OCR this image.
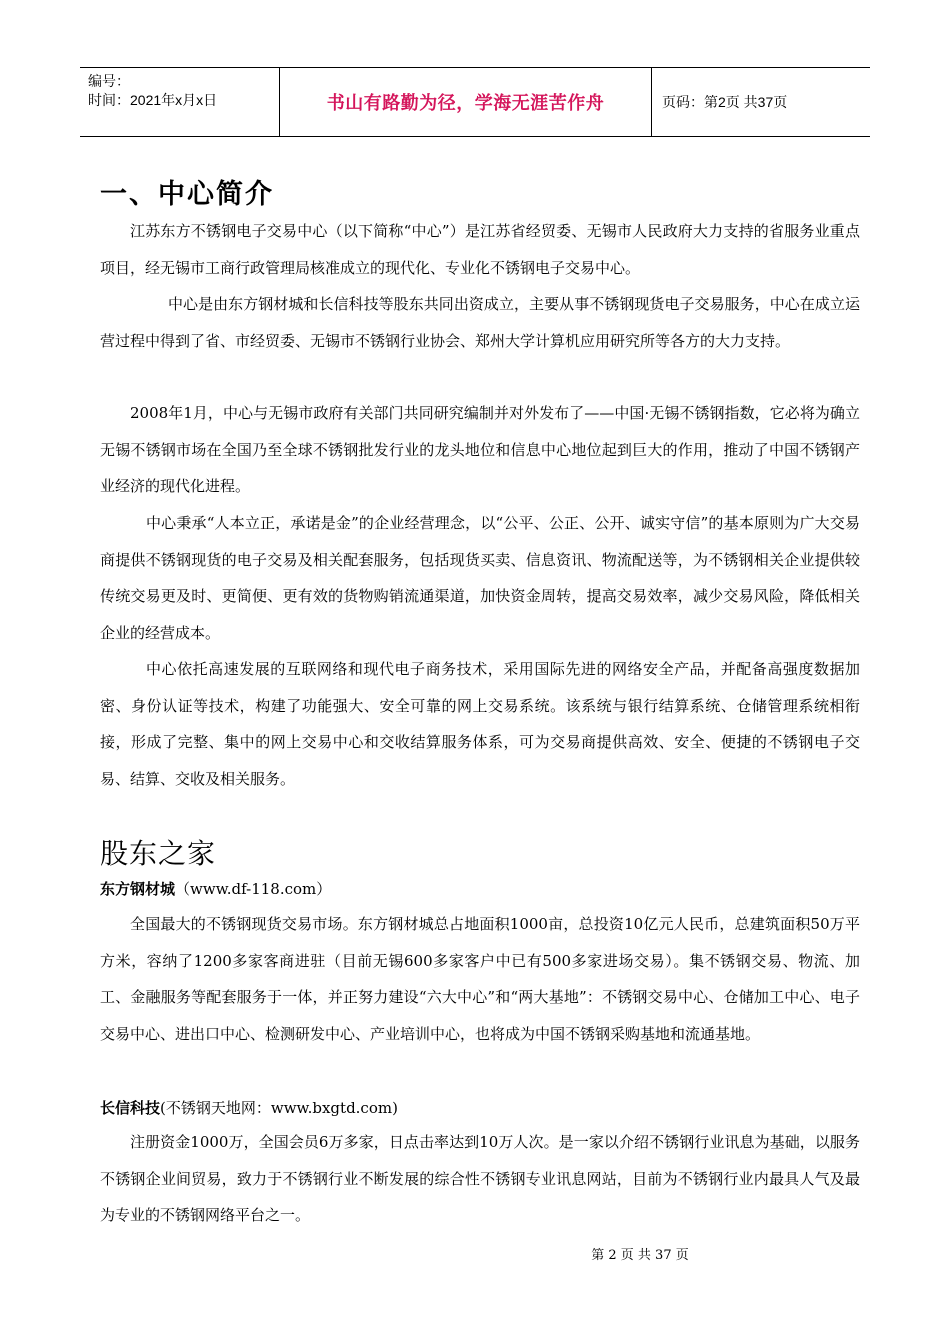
编号：
时间：2021年x月x日	书山有路勤为径，学海无涯苦作舟	页码：第2页 共37页
一、中心简介

江苏东方不锈钢电子交易中心（以下简称“中心”）是江苏省经贸委、无锡市人民政府大力支持的省服务业重点项目，经无锡市工商行政管理局核准成立的现代化、专业化不锈钢电子交易中心。

中心是由东方钢材城和长信科技等股东共同出资成立，主要从事不锈钢现货电子交易服务，中心在成立运营过程中得到了省、市经贸委、无锡市不锈钢行业协会、郑州大学计算机应用研究所等各方的大力支持。

2008年1月，中心与无锡市政府有关部门共同研究编制并对外发布了——中国·无锡不锈钢指数，它必将为确立无锡不锈钢市场在全国乃至全球不锈钢批发行业的龙头地位和信息中心地位起到巨大的作用，推动了中国不锈钢产业经济的现代化进程。

中心秉承“人本立正，承诺是金”的企业经营理念，以“公平、公正、公开、诚实守信”的基本原则为广大交易商提供不锈钢现货的电子交易及相关配套服务，包括现货买卖、信息资讯、物流配送等，为不锈钢相关企业提供较传统交易更及时、更简便、更有效的货物购销流通渠道，加快资金周转，提高交易效率，减少交易风险，降低相关企业的经营成本。

中心依托高速发展的互联网络和现代电子商务技术，采用国际先进的网络安全产品，并配备高强度数据加密、身份认证等技术，构建了功能强大、安全可靠的网上交易系统。该系统与银行结算系统、仓储管理系统相衔接，形成了完整、集中的网上交易中心和交收结算服务体系，可为交易商提供高效、安全、便捷的不锈钢电子交易、结算、交收及相关服务。

股东之家
东方钢材城（www.df-118.com）

全国最大的不锈钢现货交易市场。东方钢材城总占地面积1000亩，总投资10亿元人民币，总建筑面积50万平方米，容纳了1200多家客商进驻（目前无锡600多家客户中已有500多家进场交易）。集不锈钢交易、物流、加工、金融服务等配套服务于一体，并正努力建设“六大中心”和“两大基地”：不锈钢交易中心、仓储加工中心、电子交易中心、进出口中心、检测研发中心、产业培训中心，也将成为中国不锈钢采购基地和流通基地。

长信科技(不锈钢天地网：www.bxgtd.com)

注册资金1000万，全国会员6万多家，日点击率达到10万人次。是一家以介绍不锈钢行业讯息为基础，以服务不锈钢企业间贸易，致力于不锈钢行业不断发展的综合性不锈钢专业讯息网站，目前为不锈钢行业内最具人气及最为专业的不锈钢网络平台之一。

第 2 页 共 37 页
